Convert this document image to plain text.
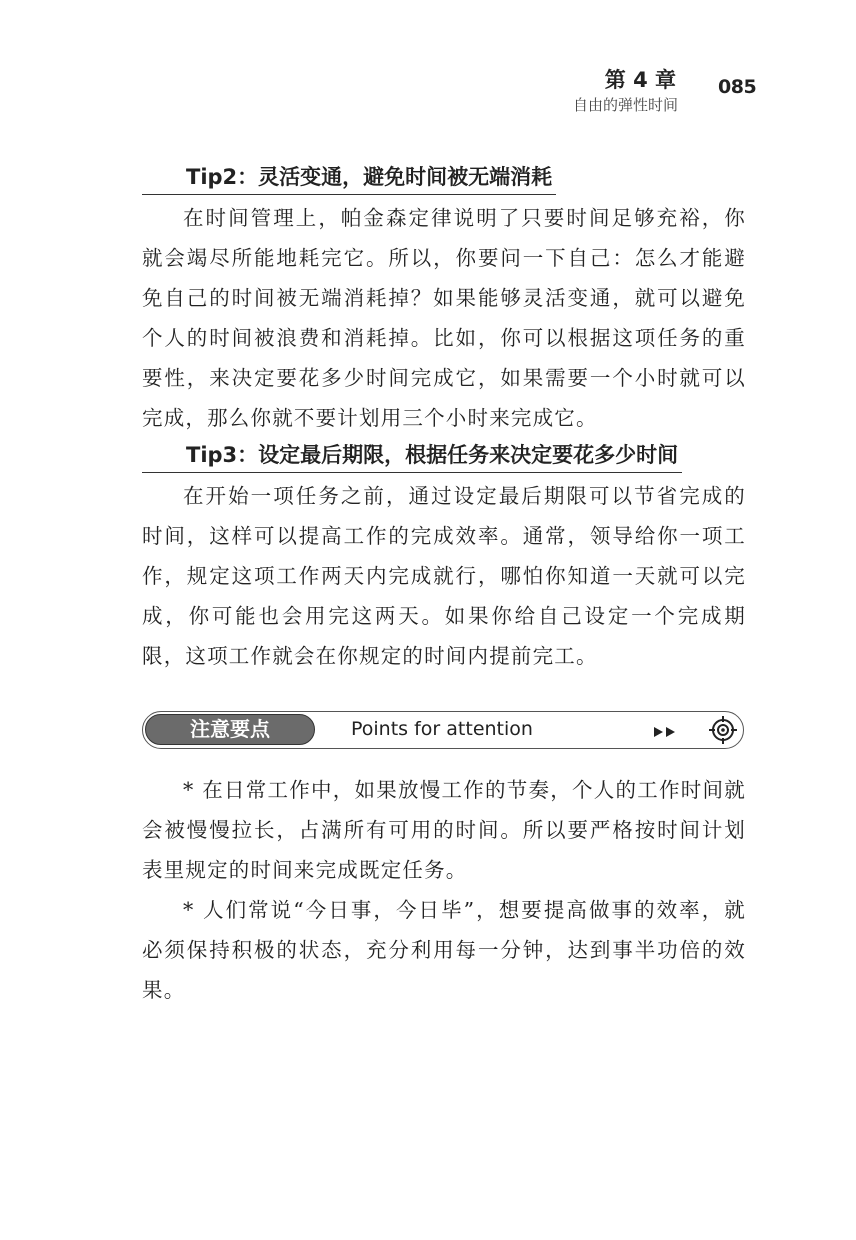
第 4 章
自由的弹性时间
085
Tip2：灵活变通，避免时间被无端消耗

在时间管理上，帕金森定律说明了只要时间足够充裕，你就会竭尽所能地耗完它。所以，你要问一下自己：怎么才能避免自己的时间被无端消耗掉？如果能够灵活变通，就可以避免个人的时间被浪费和消耗掉。比如，你可以根据这项任务的重要性，来决定要花多少时间完成它，如果需要一个小时就可以完成，那么你就不要计划用三个小时来完成它。

Tip3：设定最后期限，根据任务来决定要花多少时间

在开始一项任务之前，通过设定最后期限可以节省完成的时间，这样可以提高工作的完成效率。通常，领导给你一项工作，规定这项工作两天内完成就行，哪怕你知道一天就可以完成，你可能也会用完这两天。如果你给自己设定一个完成期限，这项工作就会在你规定的时间内提前完工。

注意要点	Points for attention

* 在日常工作中，如果放慢工作的节奏，个人的工作时间就会被慢慢拉长，占满所有可用的时间。所以要严格按时间计划表里规定的时间来完成既定任务。

* 人们常说“今日事，今日毕”，想要提高做事的效率，就必须保持积极的状态，充分利用每一分钟，达到事半功倍的效果。
